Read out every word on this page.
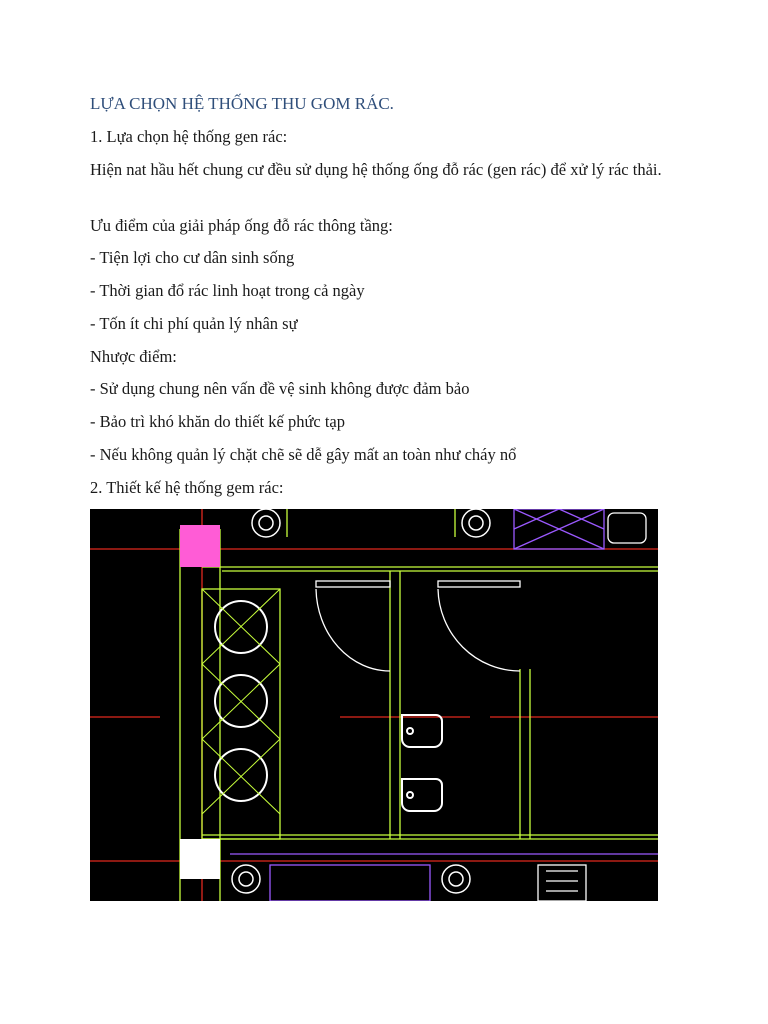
LỰA CHỌN HỆ THỐNG THU GOM RÁC.

1. Lựa chọn hệ thống gen rác:

Hiện nat hầu hết chung cư đều sử dụng hệ thống ống đỗ rác (gen rác) để xử lý rác thải.

Ưu điểm của giải pháp ống đỗ rác thông tầng:

- Tiện lợi cho cư dân sinh sống

- Thời gian đổ rác linh hoạt trong cả ngày

- Tốn ít chi phí quản lý nhân sự

Nhược điểm:

- Sử dụng chung nên vấn đề vệ sinh không được đảm bảo

- Bảo trì khó khăn do thiết kế phức tạp

- Nếu không quản lý chặt chẽ sẽ dễ gây mất an toàn như cháy nổ

2. Thiết kế hệ thống gem rác:
